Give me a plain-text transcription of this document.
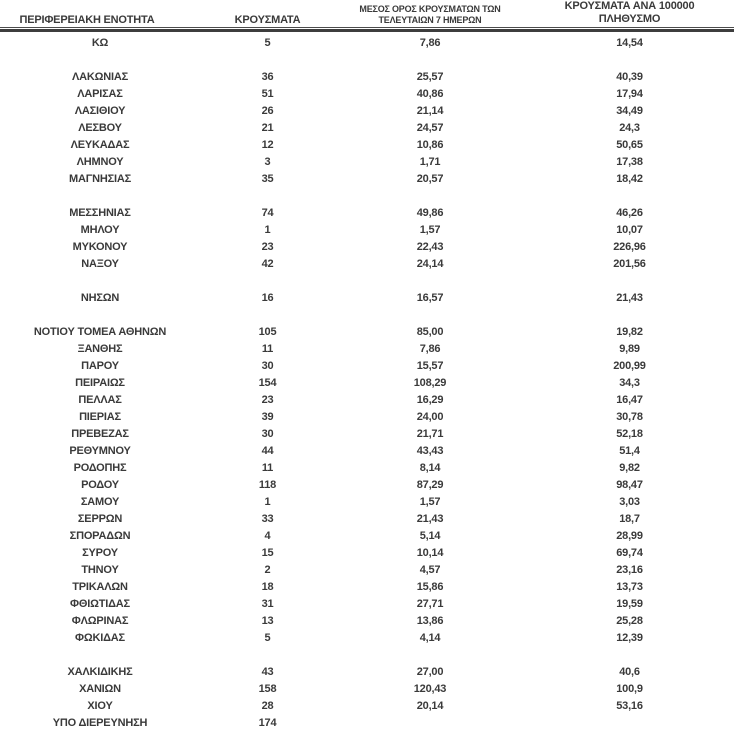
ΠΕΡΙΦΕΡΕΙΑΚΗ ΕΝΟΤΗΤΑ	ΚΡΟΥΣΜΑΤΑ
ΜΕΣΟΣ ΟΡΟΣ ΚΡΟΥΣΜΑΤΩΝ ΤΩΝ
ΤΕΛΕΥΤΑΙΩΝ 7 ΗΜΕΡΩΝ
ΚΡΟΥΣΜΑΤΑ ΑΝΑ 100000
ΠΛΗΘΥΣΜΟ
ΚΩ	5	7,86	14,54
ΛΑΚΩΝΙΑΣ	36	25,57	40,39
ΛΑΡΙΣΑΣ	51	40,86	17,94
ΛΑΣΙΘΙΟΥ	26	21,14	34,49
ΛΕΣΒΟΥ	21	24,57	24,3
ΛΕΥΚΑΔΑΣ	12	10,86	50,65
ΛΗΜΝΟΥ	3	1,71	17,38
ΜΑΓΝΗΣΙΑΣ	35	20,57	18,42
ΜΕΣΣΗΝΙΑΣ	74	49,86	46,26
ΜΗΛΟΥ	1	1,57	10,07
ΜΥΚΟΝΟΥ	23	22,43	226,96
ΝΑΞΟΥ	42	24,14	201,56
ΝΗΣΩΝ	16	16,57	21,43
ΝΟΤΙΟΥ ΤΟΜΕΑ ΑΘΗΝΩΝ	105	85,00	19,82
ΞΑΝΘΗΣ	11	7,86	9,89
ΠΑΡΟΥ	30	15,57	200,99
ΠΕΙΡΑΙΩΣ	154	108,29	34,3
ΠΕΛΛΑΣ	23	16,29	16,47
ΠΙΕΡΙΑΣ	39	24,00	30,78
ΠΡΕΒΕΖΑΣ	30	21,71	52,18
ΡΕΘΥΜΝΟΥ	44	43,43	51,4
ΡΟΔΟΠΗΣ	11	8,14	9,82
ΡΟΔΟΥ	118	87,29	98,47
ΣΑΜΟΥ	1	1,57	3,03
ΣΕΡΡΩΝ	33	21,43	18,7
ΣΠΟΡΑΔΩΝ	4	5,14	28,99
ΣΥΡΟΥ	15	10,14	69,74
ΤΗΝΟΥ	2	4,57	23,16
ΤΡΙΚΑΛΩΝ	18	15,86	13,73
ΦΘΙΩΤΙΔΑΣ	31	27,71	19,59
ΦΛΩΡΙΝΑΣ	13	13,86	25,28
ΦΩΚΙΔΑΣ	5	4,14	12,39
ΧΑΛΚΙΔΙΚΗΣ	43	27,00	40,6
ΧΑΝΙΩΝ	158	120,43	100,9
ΧΙΟΥ	28	20,14	53,16
ΥΠΟ ΔΙΕΡΕΥΝΗΣΗ	174
